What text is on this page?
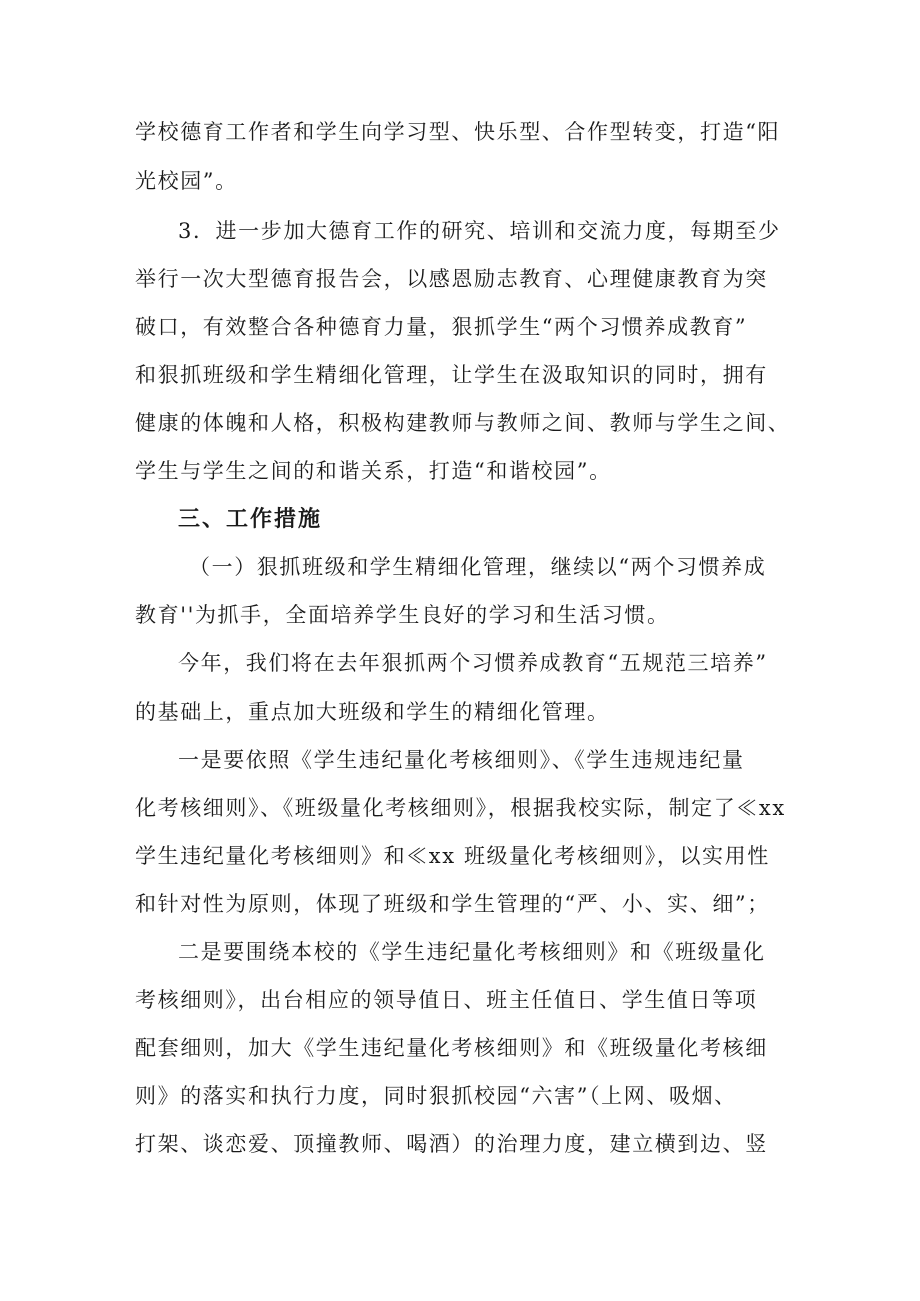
学校德育工作者和学生向学习型、快乐型、合作型转变，打造“阳
光校园”。
3．进一步加大德育工作的研究、培训和交流力度，每期至少
举行一次大型德育报告会，以感恩励志教育、心理健康教育为突
破口，有效整合各种德育力量，狠抓学生“两个习惯养成教育”
和狠抓班级和学生精细化管理，让学生在汲取知识的同时，拥有
健康的体魄和人格，积极构建教师与教师之间、教师与学生之间、
学生与学生之间的和谐关系，打造“和谐校园”。
三、工作措施
（一）狠抓班级和学生精细化管理，继续以“两个习惯养成
教育''为抓手，全面培养学生良好的学习和生活习惯。
今年，我们将在去年狠抓两个习惯养成教育“五规范三培养”
的基础上，重点加大班级和学生的精细化管理。
一是要依照《学生违纪量化考核细则》、《学生违规违纪量
化考核细则》、《班级量化考核细则》，根据我校实际，制定了≪xx
学生违纪量化考核细则》和≪xx 班级量化考核细则》，以实用性
和针对性为原则，体现了班级和学生管理的“严、小、实、细”；
二是要围绕本校的《学生违纪量化考核细则》和《班级量化
考核细则》，出台相应的领导值日、班主任值日、学生值日等项
配套细则，加大《学生违纪量化考核细则》和《班级量化考核细
则》的落实和执行力度，同时狠抓校园“六害”（上网、吸烟、
打架、谈恋爱、顶撞教师、喝酒）的治理力度，建立横到边、竖
